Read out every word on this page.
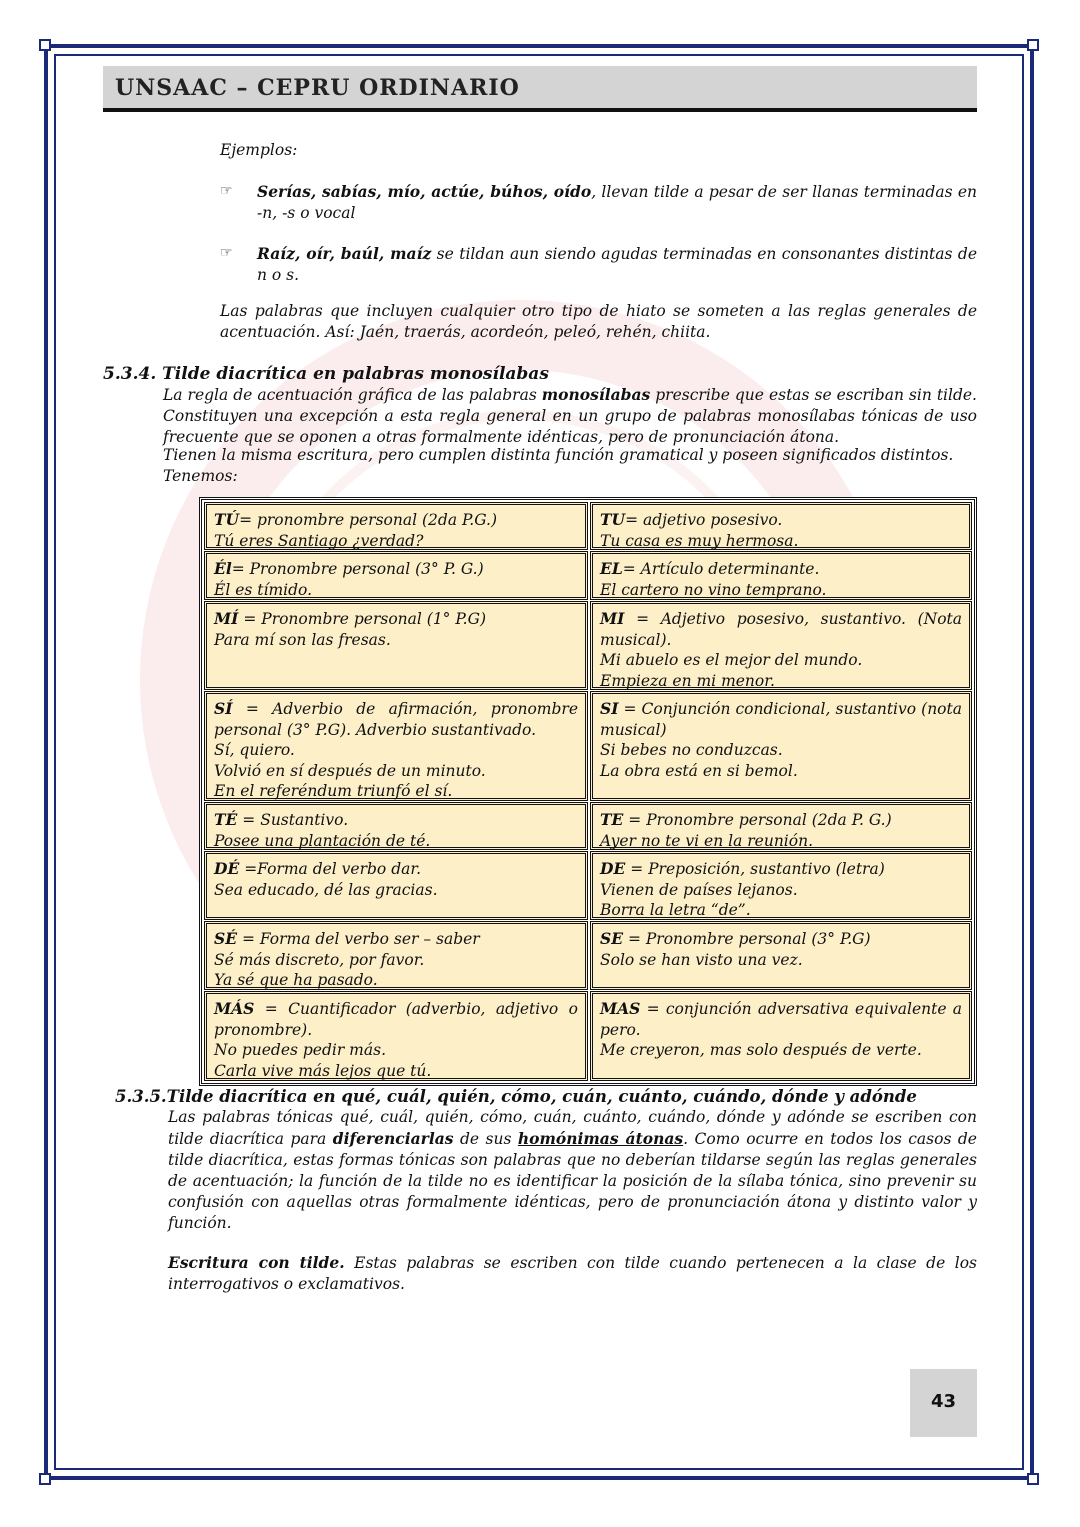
UNSAAC – CEPRU ORDINARIO
Ejemplos:
☞ Serías, sabías, mío, actúe, búhos, oído, llevan tilde a pesar de ser llanas terminadas en -n, -s o vocal
☞ Raíz, oír, baúl, maíz se tildan aun siendo agudas terminadas en consonantes distintas de n o s.
Las palabras que incluyen cualquier otro tipo de hiato se someten a las reglas generales de acentuación. Así: Jaén, traerás, acordeón, peleó, rehén, chiita.
5.3.4. Tilde diacrítica en palabras monosílabas
La regla de acentuación gráfica de las palabras monosílabas prescribe que estas se escriban sin tilde. Constituyen una excepción a esta regla general en un grupo de palabras monosílabas tónicas de uso frecuente que se oponen a otras formalmente idénticas, pero de pronunciación átona.
Tienen la misma escritura, pero cumplen distinta función gramatical y poseen significados distintos.
Tenemos:
TÚ= pronombre personal (2da P.G.)
Tú eres Santiago ¿verdad?
TU= adjetivo posesivo.
Tu casa es muy hermosa.
Él= Pronombre personal (3° P. G.)
Él es tímido.
EL= Artículo determinante.
El cartero no vino temprano.
MÍ = Pronombre personal (1° P.G)
Para mí son las fresas.
MI = Adjetivo posesivo, sustantivo. (Nota musical).
Mi abuelo es el mejor del mundo.
Empieza en mi menor.
SÍ = Adverbio de afirmación, pronombre personal (3° P.G). Adverbio sustantivado.
Sí, quiero.
Volvió en sí después de un minuto.
En el referéndum triunfó el sí.
SI = Conjunción condicional, sustantivo (nota musical)
Si bebes no conduzcas.
La obra está en si bemol.
TÉ = Sustantivo.
Posee una plantación de té.
TE = Pronombre personal (2da P. G.)
Ayer no te vi en la reunión.
DÉ =Forma del verbo dar.
Sea educado, dé las gracias.
DE = Preposición, sustantivo (letra)
Vienen de países lejanos.
Borra la letra “de”.
SÉ = Forma del verbo ser – saber
Sé más discreto, por favor.
Ya sé que ha pasado.
SE = Pronombre personal (3° P.G)
Solo se han visto una vez.
MÁS = Cuantificador (adverbio, adjetivo o pronombre).
No puedes pedir más.
Carla vive más lejos que tú.
MAS = conjunción adversativa equivalente a pero.
Me creyeron, mas solo después de verte.
5.3.5.Tilde diacrítica en qué, cuál, quién, cómo, cuán, cuánto, cuándo, dónde y adónde
Las palabras tónicas qué, cuál, quién, cómo, cuán, cuánto, cuándo, dónde y adónde se escriben con tilde diacrítica para diferenciarlas de sus homónimas átonas. Como ocurre en todos los casos de tilde diacrítica, estas formas tónicas son palabras que no deberían tildarse según las reglas generales de acentuación; la función de la tilde no es identificar la posición de la sílaba tónica, sino prevenir su confusión con aquellas otras formalmente idénticas, pero de pronunciación átona y distinto valor y función.
Escritura con tilde. Estas palabras se escriben con tilde cuando pertenecen a la clase de los interrogativos o exclamativos.
43
